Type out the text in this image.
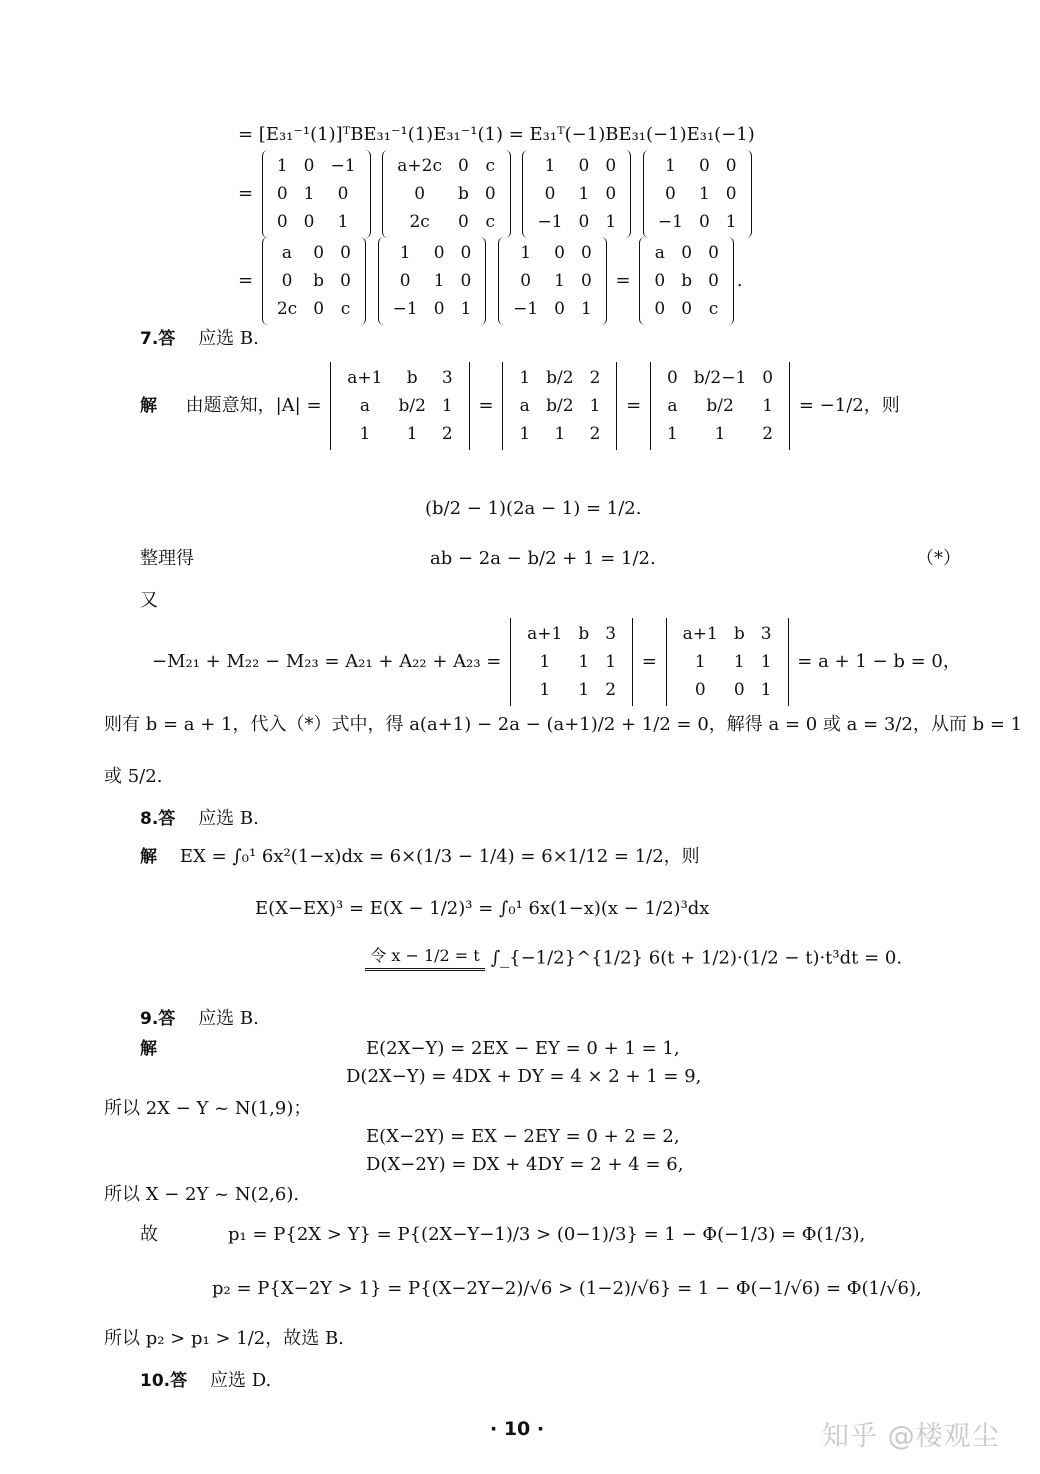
= [E₃₁⁻¹(1)]ᵀBE₃₁⁻¹(1)E₃₁⁻¹(1) = E₃₁ᵀ(−1)BE₃₁(−1)E₃₁(−1)
=
1	0	−1
0	1	0
0	0	1

a+2c	0	c
0	b	0
2c	0	c

1	0	0
0	1	0
−1	0	1

1	0	0
0	1	0
−1	0	1
=
a	0	0
0	b	0
2c	0	c

1	0	0
0	1	0
−1	0	1

1	0	0
0	1	0
−1	0	1
=
a	0	0
0	b	0
0	0	c
.
7.答 应选 B.
解 由题意知，|A| =
a+1	b	3
a	b/2	1
1	1	2
=
1	b/2	2
a	b/2	1
1	1	2
=
0	b/2−1	0
a	b/2	1
1	1	2
= −1/2，则
(b/2 − 1)(2a − 1) = 1/2.
整理得	ab − 2a − b/2 + 1 = 1/2.	（*）
又
−M₂₁ + M₂₂ − M₂₃ = A₂₁ + A₂₂ + A₂₃ =
a+1	b	3
1	1	1
1	1	2
=
a+1	b	3
1	1	1
0	0	1
= a + 1 − b = 0，
则有 b = a + 1，代入（*）式中，得 a(a+1) − 2a − (a+1)/2 + 1/2 = 0，解得 a = 0 或 a = 3/2，从而 b = 1
或 5/2.
8.答 应选 B.
解 EX = ∫₀¹ 6x²(1−x)dx = 6×(1/3 − 1/4) = 6×1/12 = 1/2，则
E(X−EX)³ = E(X − 1/2)³ = ∫₀¹ 6x(1−x)(x − 1/2)³dx
令 x − 1/2 = t ∫_{−1/2}^{1/2} 6(t + 1/2)·(1/2 − t)·t³dt = 0.
9.答 应选 B.
解	E(2X−Y) = 2EX − EY = 0 + 1 = 1,
D(2X−Y) = 4DX + DY = 4 × 2 + 1 = 9,
所以 2X − Y ~ N(1,9)；
E(X−2Y) = EX − 2EY = 0 + 2 = 2,
D(X−2Y) = DX + 4DY = 2 + 4 = 6,
所以 X − 2Y ~ N(2,6).
故	p₁ = P{2X > Y} = P{(2X−Y−1)/3 > (0−1)/3} = 1 − Φ(−1/3) = Φ(1/3),
p₂ = P{X−2Y > 1} = P{(X−2Y−2)/√6 > (1−2)/√6} = 1 − Φ(−1/√6) = Φ(1/√6),
所以 p₂ > p₁ > 1/2，故选 B.
10.答 应选 D.
· 10 ·	知乎 @楼观尘
